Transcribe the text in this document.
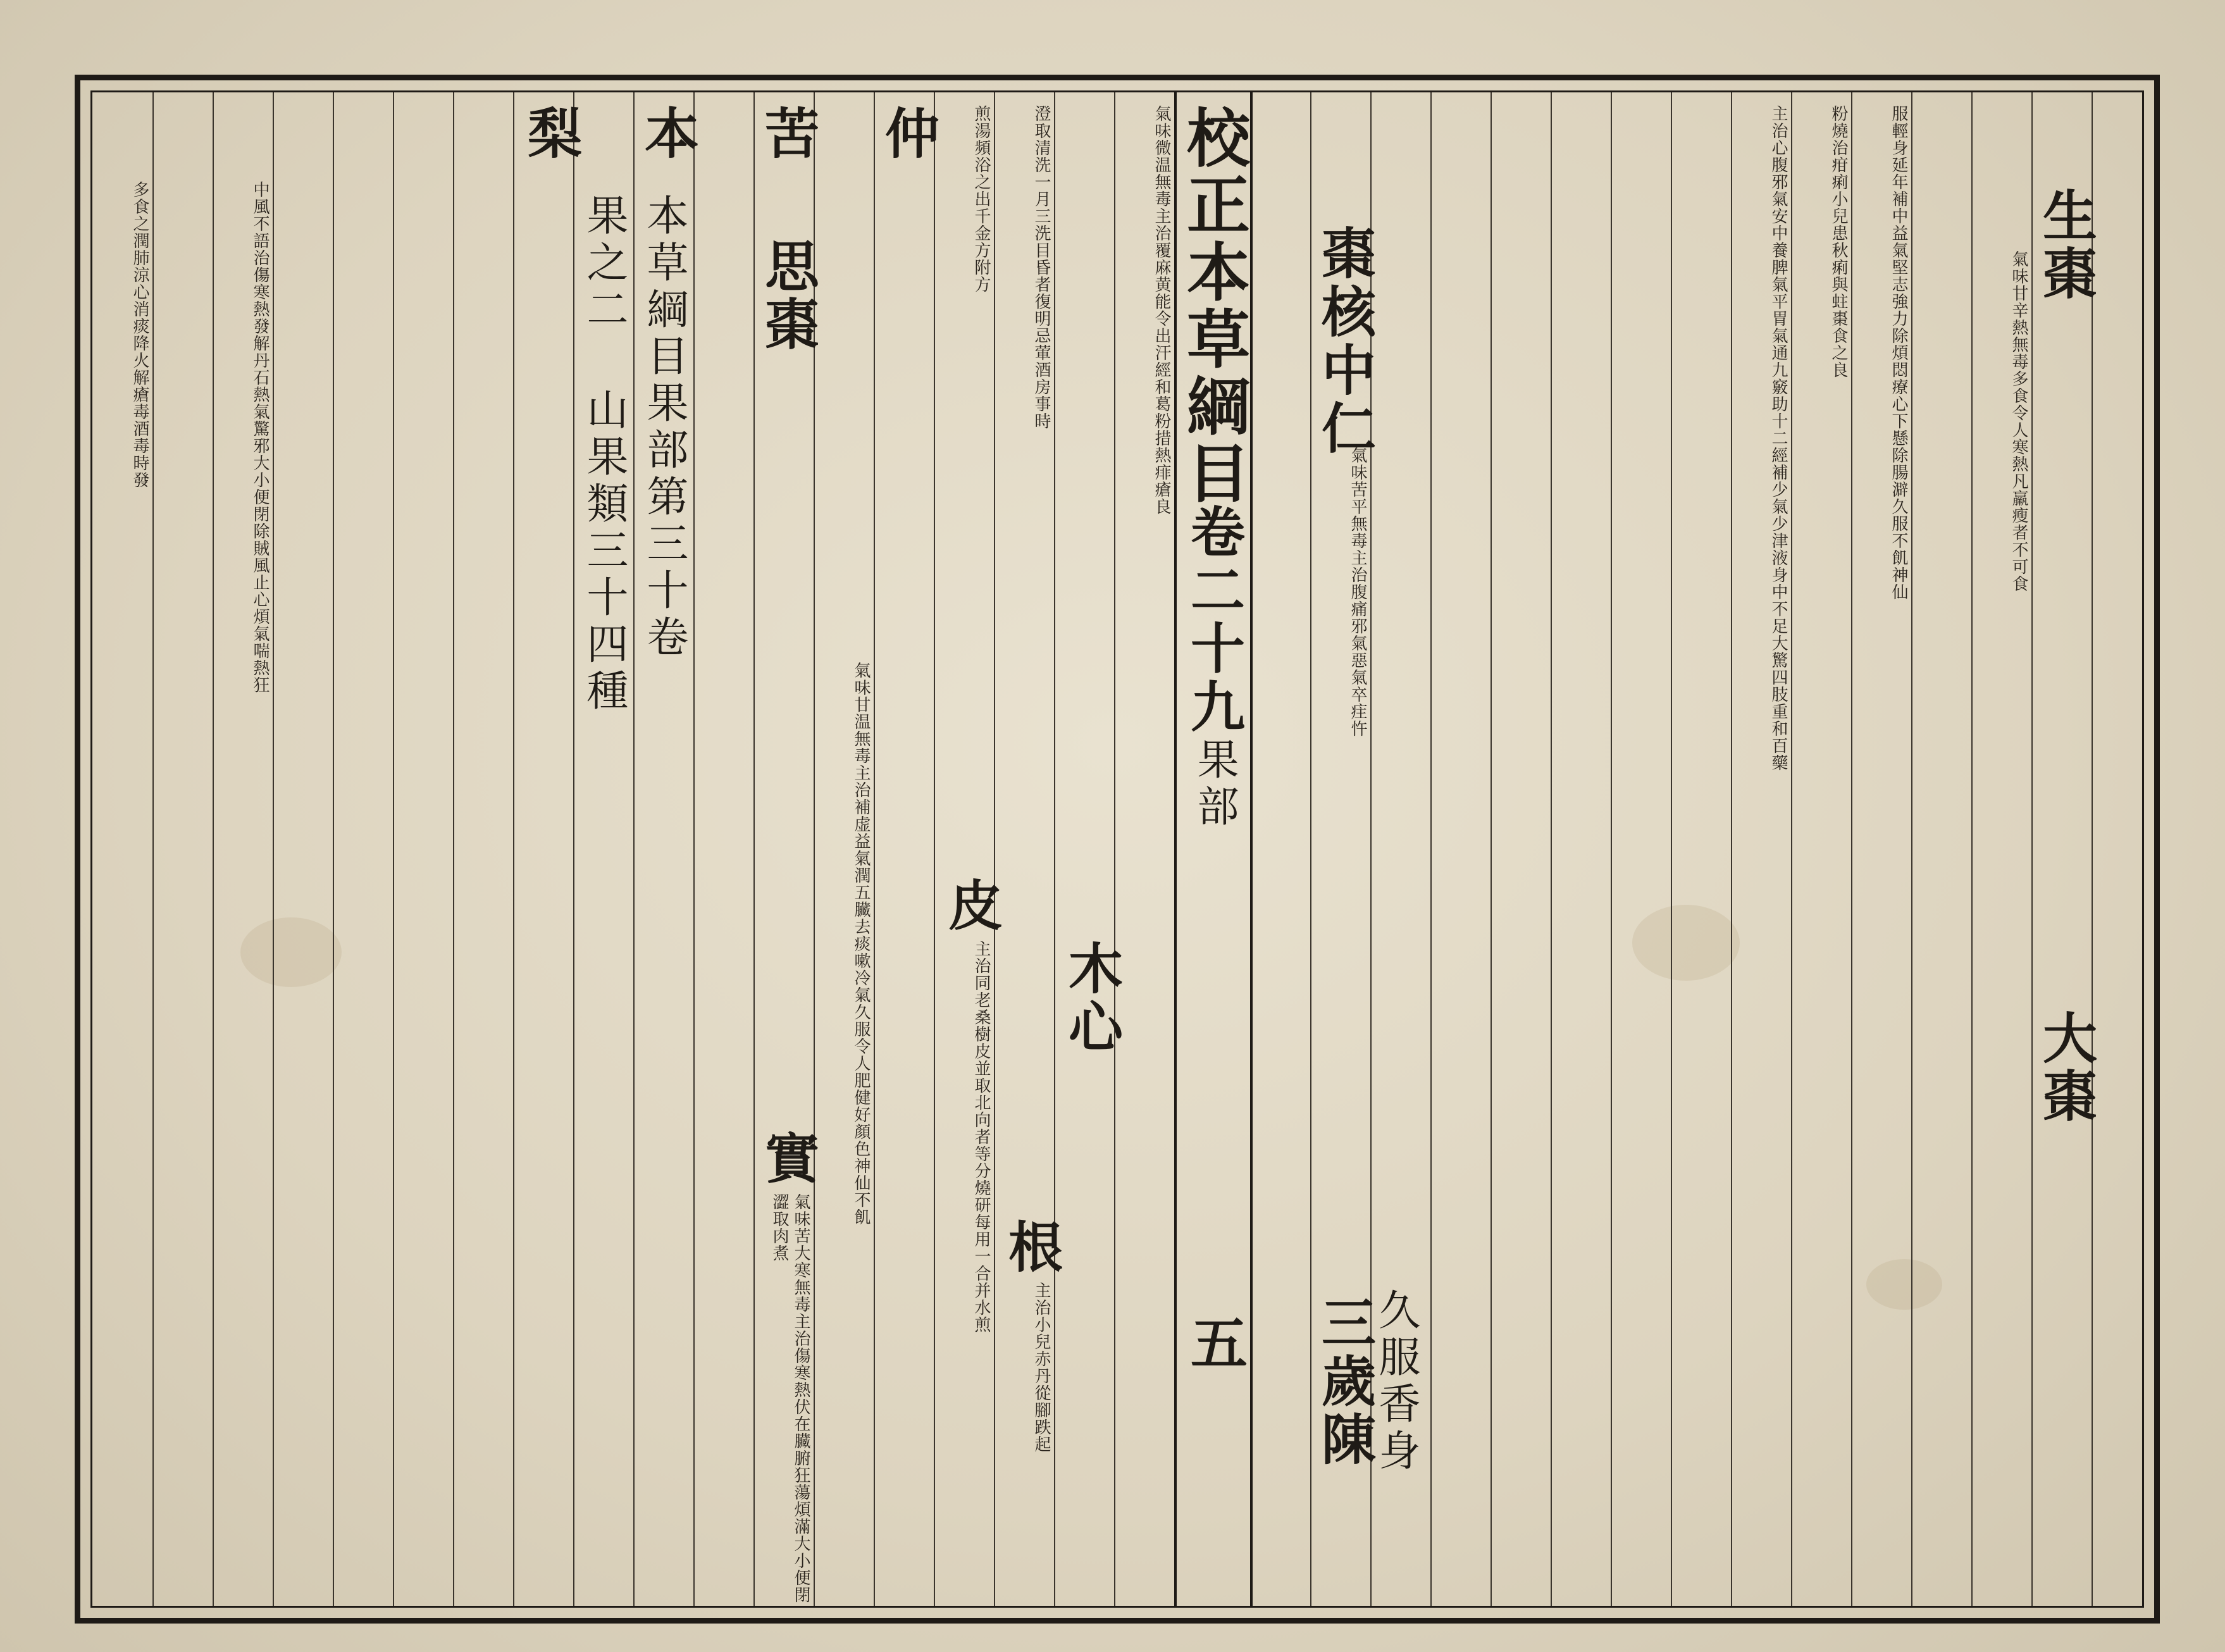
校正本草綱目
卷二十九
果部
五
仲
苦
本
梨
本草綱目果部第三十卷
果之二 山果類三十四種 思棗
木心
皮
根
實
氣味微温無毒主治覆麻黄能令出汗經和葛粉措熱痱瘡良
澄取清洗一月三洗目昏者復明忌葷酒房事時
煎湯頻浴之出千金方附方
主治同老桑樹皮並取北向者等分燒研每用一合并水煎
主治小兒赤丹從腳跌起
氣味甘温無毒主治補虚益氣潤五臟去痰嗽冷氣久服令人肥健好顏色神仙不飢
氣味苦大寒無毒主治傷寒熱伏在臟腑狂蕩煩滿大小便閉澀取肉煮
中風不語治傷寒熱發解丹石熱氣驚邪大小便閉除賊風止心煩氣喘熱狂
多食之潤肺涼心消痰降火解瘡毒酒毒時發	生棗
大棗
棗核中仁	氣味甘辛熱無毒多食令人寒熱凡羸瘦者不可食
服輕身延年補中益氣堅志強力除煩悶療心下懸除腸澼久服不飢神仙
粉燒治疳痢小兒患秋痢與蛀棗食之良
氣味苦平無毒主治腹痛邪氣惡氣卒疰忤	主治心腹邪氣安中養脾氣平胃氣通九竅助十二經補少氣少津液身中不足大驚四肢重和百藥
久服香身
三歲陳
